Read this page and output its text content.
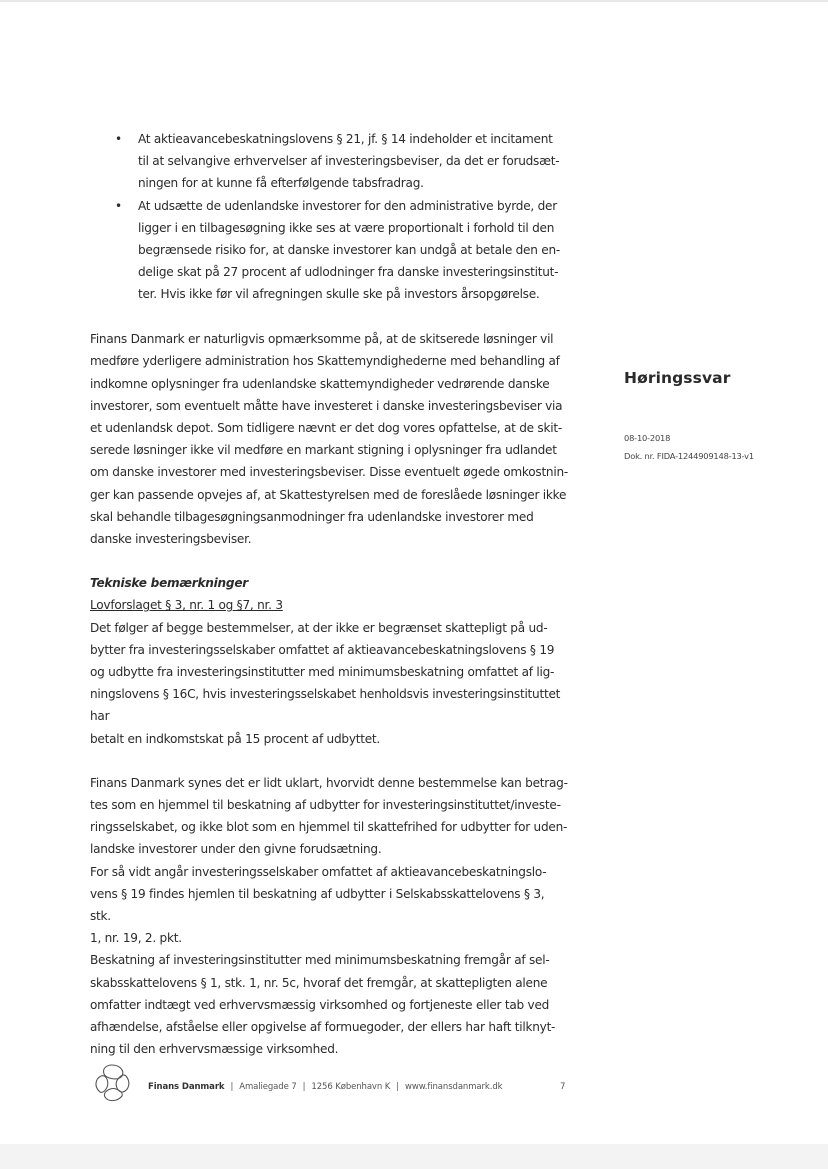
• At aktieavancebeskatningslovens § 21, jf. § 14 indeholder et incitament
til at selvangive erhvervelser af investeringsbeviser, da det er forudsæt-
ningen for at kunne få efterfølgende tabsfradrag.
• At udsætte de udenlandske investorer for den administrative byrde, der
ligger i en tilbagesøgning ikke ses at være proportionalt i forhold til den
begrænsede risiko for, at danske investorer kan undgå at betale den en-
delige skat på 27 procent af udlodninger fra danske investeringsinstitut-
ter. Hvis ikke før vil afregningen skulle ske på investors årsopgørelse.

Finans Danmark er naturligvis opmærksomme på, at de skitserede løsninger vil
medføre yderligere administration hos Skattemyndighederne med behandling af
indkomne oplysninger fra udenlandske skattemyndigheder vedrørende danske
investorer, som eventuelt måtte have investeret i danske investeringsbeviser via
et udenlandsk depot. Som tidligere nævnt er det dog vores opfattelse, at de skit-
serede løsninger ikke vil medføre en markant stigning i oplysninger fra udlandet
om danske investorer med investeringsbeviser. Disse eventuelt øgede omkostnin-
ger kan passende opvejes af, at Skattestyrelsen med de foreslåede løsninger ikke
skal behandle tilbagesøgningsanmodninger fra udenlandske investorer med
danske investeringsbeviser.

Tekniske bemærkninger

Lovforslaget § 3, nr. 1 og §7, nr. 3

Det følger af begge bestemmelser, at der ikke er begrænset skattepligt på ud-
bytter fra investeringsselskaber omfattet af aktieavancebeskatningslovens § 19
og udbytte fra investeringsinstitutter med minimumsbeskatning omfattet af lig-
ningslovens § 16C, hvis investeringsselskabet henholdsvis investeringsinstituttet har
betalt en indkomstskat på 15 procent af udbyttet.

Finans Danmark synes det er lidt uklart, hvorvidt denne bestemmelse kan betrag-
tes som en hjemmel til beskatning af udbytter for investeringsinstituttet/investe-
ringsselskabet, og ikke blot som en hjemmel til skattefrihed for udbytter for uden-
landske investorer under den givne forudsætning.
For så vidt angår investeringsselskaber omfattet af aktieavancebeskatningslo-
vens § 19 findes hjemlen til beskatning af udbytter i Selskabsskattelovens § 3, stk.
1, nr. 19, 2. pkt.
Beskatning af investeringsinstitutter med minimumsbeskatning fremgår af sel-
skabsskattelovens § 1, stk. 1, nr. 5c, hvoraf det fremgår, at skattepligten alene
omfatter indtægt ved erhvervsmæssig virksomhed og fortjeneste eller tab ved
afhændelse, afståelse eller opgivelse af formuegoder, der ellers har haft tilknyt-
ning til den erhvervsmæssige virksomhed.

Høringssvar
08-10-2018
Dok. nr. FIDA-1244909148-13-v1
Finans Danmark | Amaliegade 7 | 1256 København K | www.finansdanmark.dk	7
